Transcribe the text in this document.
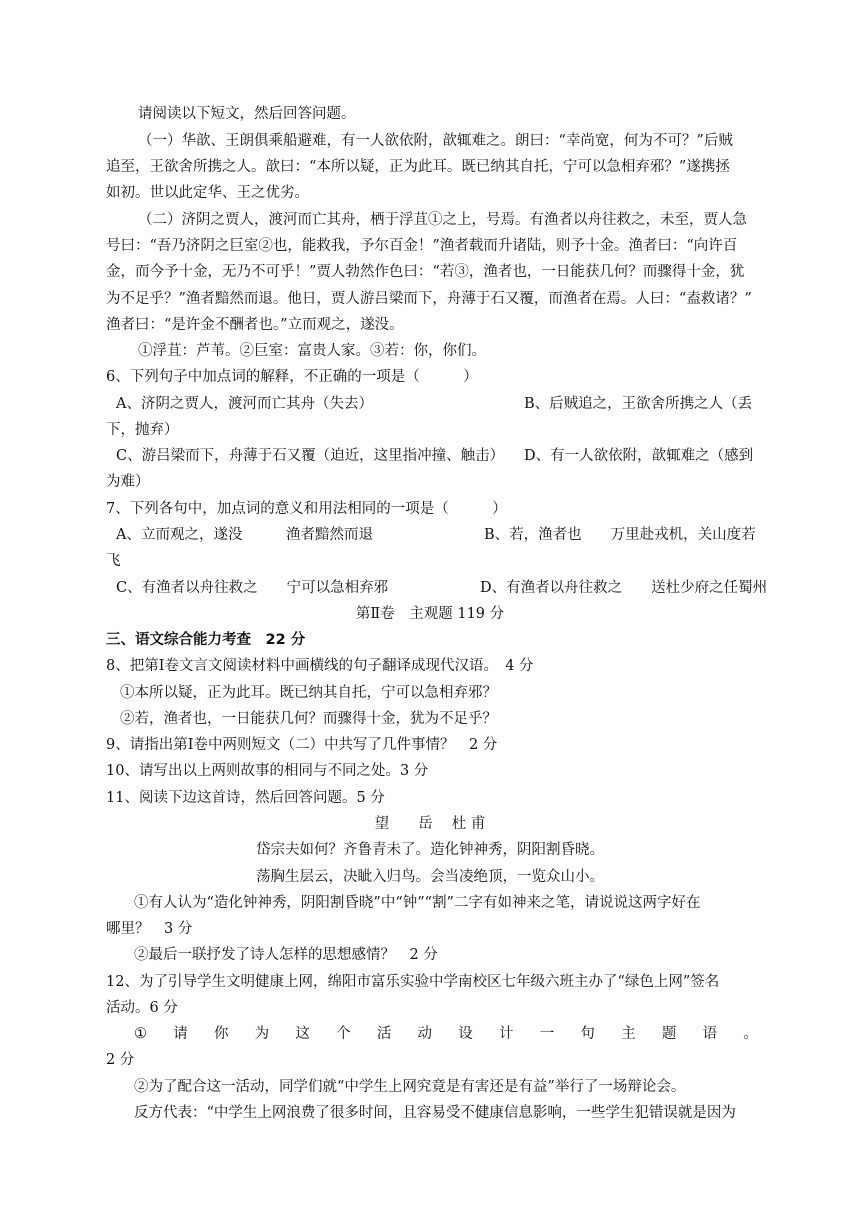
请阅读以下短文，然后回答问题。
（一）华歆、王朗俱乘船避难，有一人欲依附，歆辄难之。朗曰：“幸尚宽，何为不可？”后贼
追至，王欲舍所携之人。歆曰：“本所以疑，正为此耳。既已纳其自托，宁可以急相弃邪？”遂携拯
如初。世以此定华、王之优劣。
（二）济阴之贾人，渡河而亡其舟，栖于浮苴①之上，号焉。有渔者以舟往救之，未至，贾人急
号曰：“吾乃济阴之巨室②也，能救我，予尔百金！”渔者载而升诸陆，则予十金。渔者曰：“向许百
金，而今予十金，无乃不可乎！”贾人勃然作色曰：“若③，渔者也，一日能获几何？而骤得十金，犹
为不足乎？”渔者黯然而退。他日，贾人游吕梁而下，舟薄于石又覆，而渔者在焉。人曰：“盍救诸？”
渔者曰：“是许金不酬者也。”立而观之，遂没。
①浮苴：芦苇。②巨室：富贵人家。③若：你，你们。
6、下列句子中加点词的解释，不正确的一项是（　　　）
A、济阴之贾人，渡河而亡其舟（失去）	B、后贼追之，王欲舍所携之人（丢
下，抛弃）
C、游吕梁而下，舟薄于石又覆（迫近，这里指冲撞、触击） D、有一人欲依附，歆辄难之（感到
为难）
7、下列各句中，加点词的意义和用法相同的一项是（　　　）
A、立而观之，遂没　　　渔者黯然而退	B、若，渔者也　　万里赴戎机，关山度若
飞
C、有渔者以舟往救之　　宁可以急相弃邪	D、有渔者以舟往救之　　送杜少府之任蜀州
第Ⅱ卷　主观题 119 分
三、语文综合能力考查　22 分
8、把第Ⅰ卷文言文阅读材料中画横线的句子翻译成现代汉语。　4 分
①本所以疑，正为此耳。既已纳其自托，宁可以急相弃邪？
②若，渔者也，一日能获几何？而骤得十金，犹为不足乎？
9、请指出第Ⅰ卷中两则短文（二）中共写了几件事情？　2 分
10、请写出以上两则故事的相同与不同之处。3 分
11、阅读下边这首诗，然后回答问题。5 分
望　　岳　 杜 甫
岱宗夫如何？齐鲁青未了。造化钟神秀，阴阳割昏晓。
荡胸生层云，决眦入归鸟。会当凌绝顶，一览众山小。
①有人认为“造化钟神秀，阴阳割昏晓”中“钟”“割”二字有如神来之笔，请说说这两字好在
哪里？　3 分
②最后一联抒发了诗人怎样的思想感情？　2 分
12、为了引导学生文明健康上网，绵阳市富乐实验中学南校区七年级六班主办了“绿色上网”签名
活动。6 分
① 请 你 为 这 个 活 动 设 计 一 句 主 题 语 。
2 分
②为了配合这一活动，同学们就“中学生上网究竟是有害还是有益”举行了一场辩论会。
反方代表：“中学生上网浪费了很多时间，且容易受不健康信息影响，一些学生犯错误就是因为
